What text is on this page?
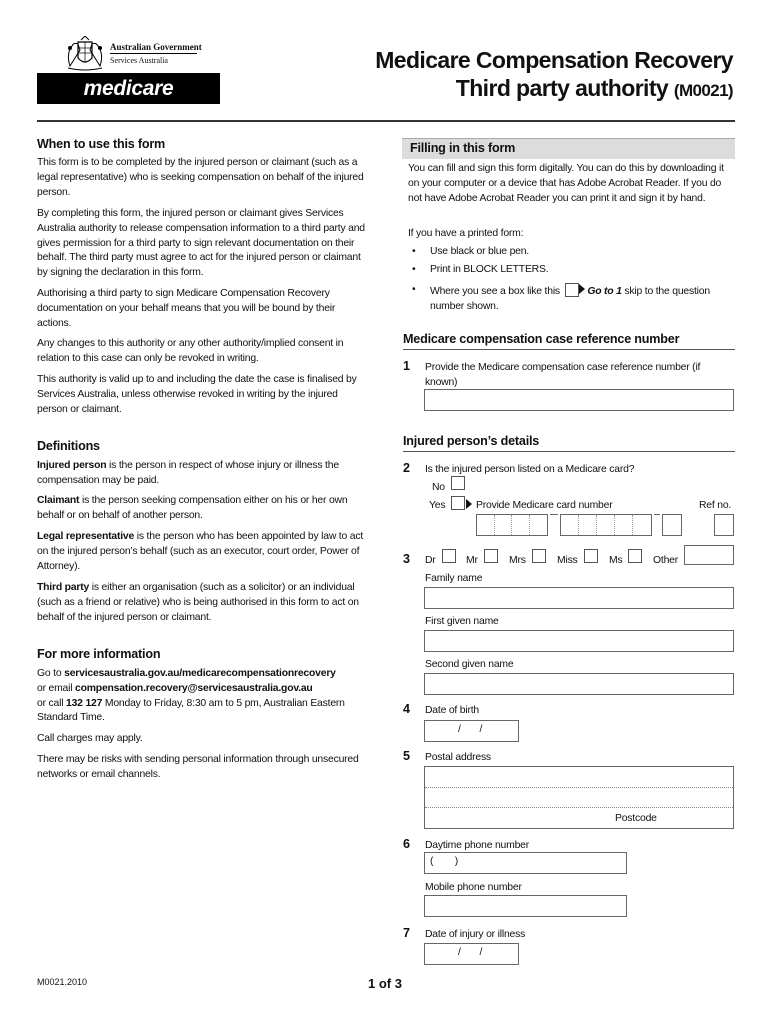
Australian Government
Services Australia
medicare
Medicare Compensation Recovery
Third party authority (M0021)
When to use this form
This form is to be completed by the injured person or claimant (such as a legal representative) who is seeking compensation on behalf of the injured person.
By completing this form, the injured person or claimant gives Services Australia authority to release compensation information to a third party and gives permission for a third party to sign relevant documentation on their behalf. The third party must agree to act for the injured person or claimant by signing the declaration in this form.
Authorising a third party to sign Medicare Compensation Recovery documentation on your behalf means that you will be bound by their actions.
Any changes to this authority or any other authority/implied consent in relation to this case can only be revoked in writing.
This authority is valid up to and including the date the case is finalised by Services Australia, unless otherwise revoked in writing by the injured person or claimant.
Definitions
Injured person is the person in respect of whose injury or illness the compensation may be paid.
Claimant is the person seeking compensation either on his or her own behalf or on behalf of another person.
Legal representative is the person who has been appointed by law to act on the injured person’s behalf (such as an executor, court order, Power of Attorney).
Third party is either an organisation (such as a solicitor) or an individual (such as a friend or relative) who is being authorised in this form to act on behalf of the injured person or claimant.
For more information
Go to servicesaustralia.gov.au/medicarecompensationrecovery
or email compensation.recovery@servicesaustralia.gov.au
or call 132 127 Monday to Friday, 8:30 am to 5 pm, Australian Eastern Standard Time.
Call charges may apply.
There may be risks with sending personal information through unsecured networks or email channels.
Filling in this form
You can fill and sign this form digitally. You can do this by downloading it on your computer or a device that has Adobe Acrobat Reader. If you do not have Adobe Acrobat Reader you can print it and sign it by hand.
If you have a printed form:
• Use black or blue pen.
• Print in BLOCK LETTERS.
• Where you see a box like this	Go to 1 skip to the question
number shown.
Medicare compensation case reference number
1 Provide the Medicare compensation case reference number (if known)
Injured person’s details
2 Is the injured person listed on a Medicare card?
No
Yes	Provide Medicare card number	Ref no.
3 Dr	Mr	Mrs	Miss	Ms	Other
Family name
First given name
Second given name
4 Date of birth
/       /
5 Postal address
Postcode
6 Daytime phone number
(        )
Mobile phone number
7 Date of injury or illness
/       /
M0021.2010	1 of 3
